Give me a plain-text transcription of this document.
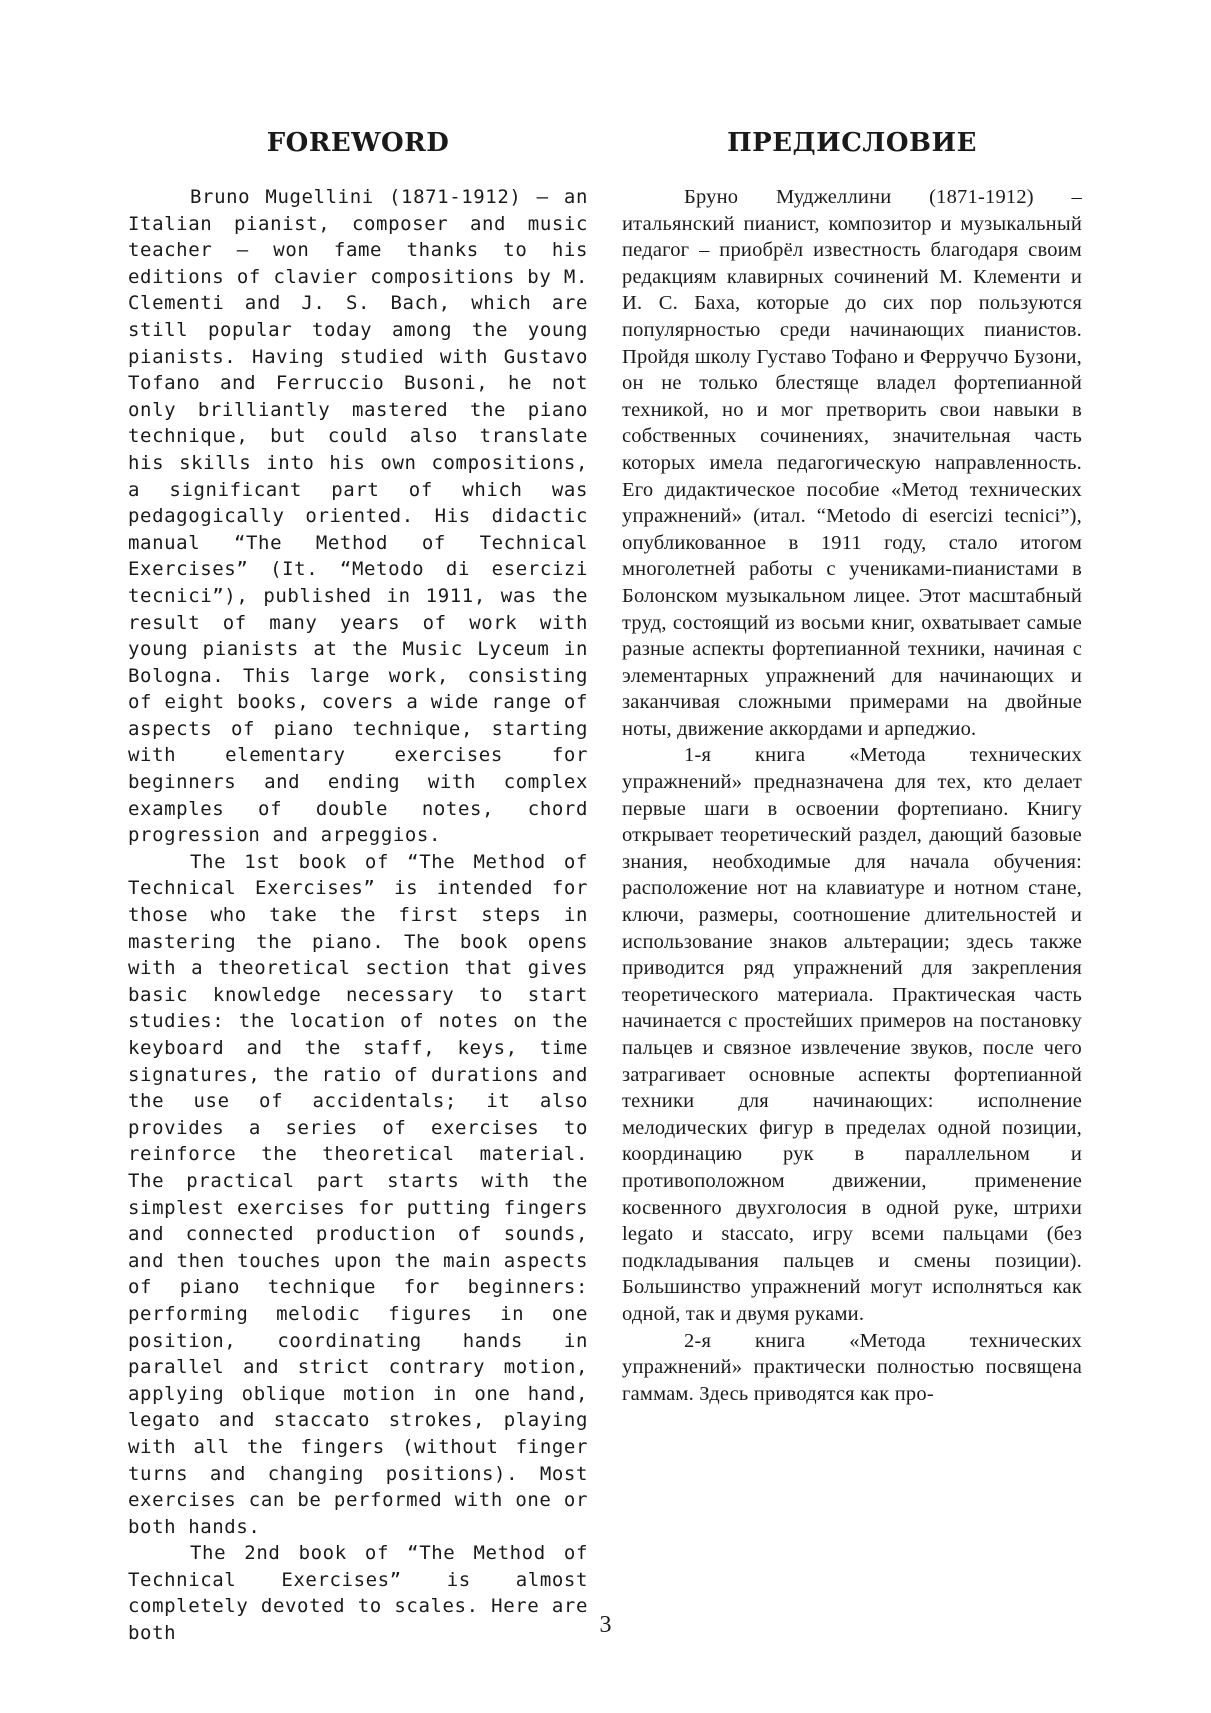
FOREWORD

Bruno Mugellini (1871-1912) – an Italian pianist, composer and music teacher – won fame thanks to his editions of clavier compositions by M. Clementi and J. S. Bach, which are still popular today among the young pianists. Having studied with Gustavo Tofano and Ferruccio Busoni, he not only brilliantly mastered the piano technique, but could also translate his skills into his own compositions, a significant part of which was pedagogically oriented. His didactic manual “The Method of Technical Exercises” (It. “Metodo di esercizi tecnici”), published in 1911, was the result of many years of work with young pianists at the Music Lyceum in Bologna. This large work, consisting of eight books, covers a wide range of aspects of piano technique, starting with elementary exercises for beginners and ending with complex examples of double notes, chord progression and arpeggios.

The 1st book of “The Method of Technical Exercises” is intended for those who take the first steps in mastering the piano. The book opens with a theoretical section that gives basic knowledge necessary to start studies: the location of notes on the keyboard and the staff, keys, time signatures, the ratio of durations and the use of accidentals; it also provides a series of exercises to reinforce the theoretical material. The practical part starts with the simplest exercises for putting fingers and connected production of sounds, and then touches upon the main aspects of piano technique for beginners: performing melodic figures in one position, coordinating hands in parallel and strict contrary motion, applying oblique motion in one hand, legato and staccato strokes, playing with all the fingers (without finger turns and changing positions). Most exercises can be performed with one or both hands.

The 2nd book of “The Method of Technical Exercises” is almost completely devoted to scales. Here are both

ПРЕДИСЛОВИЕ

Бруно Муджеллини (1871-1912) – итальянский пианист, композитор и музыкальный педагог – приобрёл известность благодаря своим редакциям клавирных сочинений М. Клементи и И. С. Баха, которые до сих пор пользуются популярностью среди начинающих пианистов. Пройдя школу Густаво Тофано и Ферруччо Бузони, он не только блестяще владел фортепианной техникой, но и мог претворить свои навыки в собственных сочинениях, значительная часть которых имела педагогическую направленность. Его дидактическое пособие «Метод технических упражнений» (итал. “Metodo di esercizi tecnici”), опубликованное в 1911 году, стало итогом многолетней работы с учениками-пианистами в Болонском музыкальном лицее. Этот масштабный труд, состоящий из восьми книг, охватывает самые разные аспекты фортепианной техники, начиная с элементарных упражнений для начинающих и заканчивая сложными примерами на двойные ноты, движение аккордами и арпеджио.

1-я книга «Метода технических упражнений» предназначена для тех, кто делает первые шаги в освоении фортепиано. Книгу открывает теоретический раздел, дающий базовые знания, необходимые для начала обучения: расположение нот на клавиатуре и нотном стане, ключи, размеры, соотношение длительностей и использование знаков альтерации; здесь также приводится ряд упражнений для закрепления теоретического материала. Практическая часть начинается с простейших примеров на постановку пальцев и связное извлечение звуков, после чего затрагивает основные аспекты фортепианной техники для начинающих: исполнение мелодических фигур в пределах одной позиции, координацию рук в параллельном и противоположном движении, применение косвенного двухголосия в одной руке, штрихи legato и staccato, игру всеми пальцами (без подкладывания пальцев и смены позиции). Большинство упражнений могут исполняться как одной, так и двумя руками.

2-я книга «Метода технических упражнений» практически полностью посвящена гаммам. Здесь приводятся как про-

3
